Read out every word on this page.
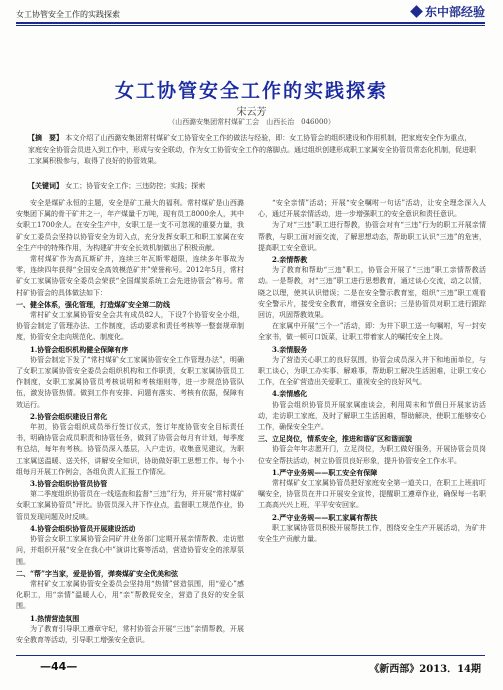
女工协管安全工作的实践探索	东中部经验
女工协管安全工作的实践探索
宋云芳
（山西潞安集团常村煤矿工会　山西长治　046000）
【摘　要】 本文介绍了山西潞安集团常村煤矿女工协管安全工作的做法与经验，即：女工协管会的组织建设和作用机制，把家庭安全作为重点，家庭安全协管会员进入到工作中，形成与安全联动，作为女工协管安全工作的落脚点。通过组织创建形成职工家属安全协管员常态化机制，促进职工家属积极参与，取得了良好的协管效果。
【关键词】 女工；协管安全工作；三违防控；实践；探索

安全是煤矿永恒的主题，安全是矿工最大的福利。常村煤矿是山西潞安集团下属的骨干矿井之一，年产煤量千万吨，现有员工8000余人，其中女职工1700余人。在安全生产中，女职工是一支不可忽视的重要力量，我矿女工委员会坚持以协管安全为切入点，充分发挥女职工和职工家属在安全生产中的特殊作用，为构建矿井安全长效机制做出了积极贡献。

常村煤矿作为高瓦斯矿井，连续三年瓦斯零超限，连续多年事故为零，连续四年获得“全国安全高效模范矿井”荣誉称号。2012年5月，常村矿女工家属协管安全委员会荣获“全国煤炭系统工会先进协管会”称号。常村矿协管会的具体做法如下：

一、健全体系，强化管理，打造煤矿安全第二防线

常村矿女工家属协管安全会共有成员82人，下设7个协管安全小组，协管会制定了管理办法、工作制度，活动要求和责任考核等一整套规章制度，协管安全走向规范化、制度化。

1.协管会组织机构健全保障有序

协管会制定下发了“常村煤矿女工家属协管安全工作管理办法”，明确了女职工家属协管安全委员会组织机构和工作职责，女职工家属协管员工作制度，女职工家属协管员考核说明和考核细则等，进一步规范协管队伍，激发协管热情。做到工作有安排、问题有落实、考核有依据，保障有效运行。

2.协管会组织建设日常化

年初，协管会组织成员举行签订仪式，签订年度协管安全目标责任书，明确协管会成员职责和协管任务，做到了协管会每月有计划，每季度有总结，每年有考核。协管员深入基层，入户走访，收集意见建议，为职工家属送温暖、送关怀，讲解安全知识，协助做好职工思想工作。每个小组每月开展工作例会，各组负责人汇报工作情况。

3.协管会组织协管员协管

第二季度组织协管员在一线巡查和监督“三违”行为，并开展“常村煤矿女职工家属协管员”评比。协管员深入井下作业点，监督职工规范作业，协管员发现问题及时反映。

4.协管会组织协管员开展建设活动

协管会女职工家属协管会同矿井业务部门定期开展亲情帮教、走访慰问，并组织开展“安全在我心中”演讲比赛等活动，营造协管安全的浓厚氛围。

二、“帮”字当家，爱是协管，弹奏煤矿安全优美和弦

常村矿女工家属协管安全委员会坚持用“热情”营造氛围，用“爱心”感化职工，用“亲情”温暖人心，用“亲”帮教促安全，营造了良好的安全氛围。

1.热情营造氛围

为了教育引导职工遵章守纪，常村协管会开展“三违”亲情帮教，开展安全教育等活动，引导职工增强安全意识。

“安全亲情”活动；开展“安全嘱咐一句话”活动，让安全理念深入人心，通过开展亲情活动，进一步增强职工的安全意识和责任意识。

为了对“三违”职工进行帮教，协管会对有“三违”行为的职工开展亲情帮教，与职工面对面交流，了解思想动态，帮助职工认识“三违”的危害，提高职工安全意识。

2.亲情帮教

为了教育和帮助“三违”职工，协管会开展了“三违”职工亲情帮教活动。一是帮教，对“三违”职工进行思想教育，通过谈心交流，动之以情，晓之以理，使其认识错误；二是在安全警示教育室，组织“三违”职工观看安全警示片，接受安全教育，增强安全意识；三是协管员对职工进行跟踪回访，巩固帮教效果。

在家属中开展“三个一”活动，即：为井下职工送一句嘱咐，写一封安全家书，做一顿可口饭菜，让职工带着家人的嘱托安全上岗。

3.亲情服务

为了营造关心职工的良好氛围，协管会成员深入井下和地面单位，与职工谈心，为职工办实事、解难事，帮助职工解决生活困难，让职工安心工作，在全矿营造出关爱职工、重视安全的良好风气。

4.亲情感化

协管会组织协管员开展家属座谈会，利用周末和节假日开展家访活动，走访职工家庭，及时了解职工生活困难，帮助解决，使职工能够安心工作，确保安全生产。

三、立足岗位，情系安全，推进和谐矿区和谐面貌

协管会年年志愿开门，立足岗位，为职工做好服务，开展协管会员岗位安全帮扶活动，树立协管员良好形象，提升协管安全工作水平。

1.严守业务规——职工安全有保障

常村煤矿女工家属协管员把好家庭安全第一道关口，在职工上班前叮嘱安全，协管员在井口开展安全宣传，提醒职工遵章作业，确保每一名职工高高兴兴上班，平平安安回家。

2.严守业务规——职工家属有帮扶

职工家属协管员积极开展帮扶工作，围绕安全生产开展活动，为矿井安全生产贡献力量。

—44—	《新西部》2013．14期
